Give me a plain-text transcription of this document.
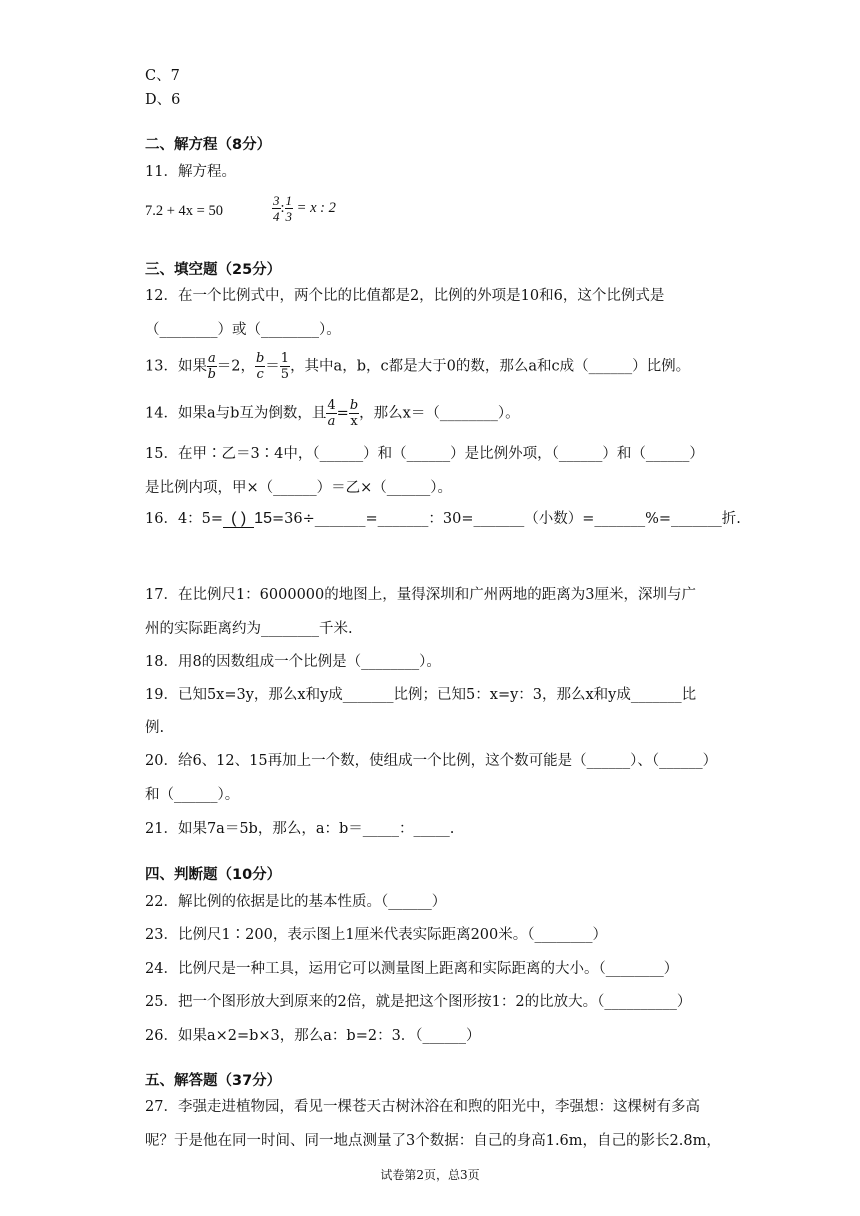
C、7
D、6
二、解方程（8分）
11．解方程。
7.2 + 4x = 50	$\frac{3}{4}$ : $\frac{1}{3} = x$ : 2
三、填空题（25分）
12．在一个比例式中，两个比的比值都是2，比例的外项是10和6，这个比例式是
（________）或（________）。
13．如果 $\frac{a}{b} =2$， $\frac{b}{c} = \frac{1}{5}$ ，其中a，b，c都是大于0的数，那么a和c成（______）比例。
14．如果a与b互为倒数，且 $\frac{4}{a} = \frac{b}{x}$ ，那么x＝（________）。
15．在甲∶乙＝3∶4中，（______）和（______）是比例外项，（______）和（______）
是比例内项，甲×（______）＝乙×（______）。
16．4：5= ( ) 15=36÷_______=_______：30=_______（小数）=_______%=_______折.
17．在比例尺1：6000000的地图上，量得深圳和广州两地的距离为3厘米，深圳与广
州的实际距离约为________千米.
18．用8的因数组成一个比例是（________）。
19．已知5x=3y，那么x和y成_______比例；已知5：x=y：3，那么x和y成_______比
例.
20．给6、12、15再加上一个数，使组成一个比例，这个数可能是（______）、（______）
和（______）。
21．如果7a＝5b，那么，a：b＝_____：_____.
四、判断题（10分）
22．解比例的依据是比的基本性质。（______）
23．比例尺1∶200，表示图上1厘米代表实际距离200米。（________）
24．比例尺是一种工具，运用它可以测量图上距离和实际距离的大小。（________）
25．把一个图形放大到原来的2倍，就是把这个图形按1：2的比放大。（__________）
26．如果a×2=b×3，那么a：b=2：3．（______）
五、解答题（37分）
27．李强走进植物园，看见一棵苍天古树沐浴在和煦的阳光中，李强想：这棵树有多高
呢？于是他在同一时间、同一地点测量了3个数据：自己的身高1.6m，自己的影长2.8m，
试卷第2页，总3页
